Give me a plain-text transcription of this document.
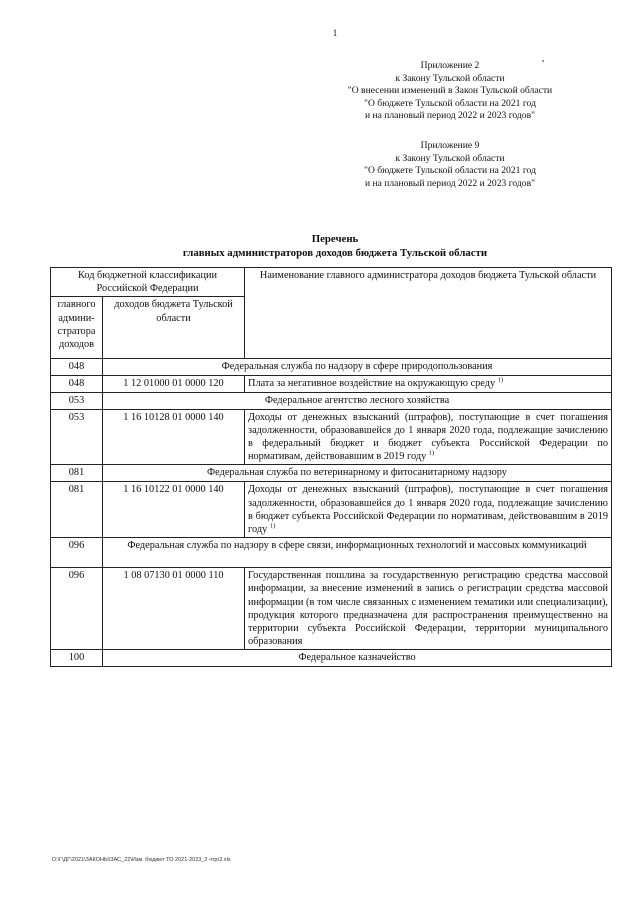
1
Приложение 2
к Закону Тульской области
"О внесении изменений в Закон Тульской области
"О бюджете Тульской области на 2021 год
и на плановый период 2022 и 2023 годов"
Приложение 9
к Закону Тульской области
"О бюджете Тульской области на 2021 год
и на плановый период 2022 и 2023 годов"
Перечень
главных администраторов доходов бюджета Тульской области
Код бюджетной классификации Российской Федерации		Наименование главного администратора доходов бюджета Тульской области
главного админи-стратора доходов	доходов бюджета Тульской области	
048	Федеральная служба по надзору в сфере природопользования	
048	1 12 01000 01 0000 120	Плата за негативное воздействие на окружающую среду $^{1)}$
053	Федеральное агентство лесного хозяйства	
053	1 16 10128 01 0000 140	Доходы от денежных взысканий (штрафов), поступающие в счет погашения задолженности, образовавшейся до 1 января 2020 года, подлежащие зачислению в федеральный бюджет и бюджет субъекта Российской Федерации по нормативам, действовавшим в 2019 году $^{1)}$
081	Федеральная служба по ветеринарному и фитосанитарному надзору	
081	1 16 10122 01 0000 140	Доходы от денежных взысканий (штрафов), поступающие в счет погашения задолженности, образовавшейся до 1 января 2020 года, подлежащие зачислению в бюджет субъекта Российской Федерации по нормативам, действовавшим в 2019 году $^{1)}$
096	Федеральная служба по надзору в сфере связи, информационных технологий и массовых коммуникаций	
096	1 08 07130 01 0000 110	Государственная пошлина за государственную регистрацию средства массовой информации, за внесение изменений в запись о регистрации средства массовой информации (в том числе связанных с изменением тематики или специализации), продукция которого предназначена для распространения преимущественно на территории субъекта Российской Федерации, территории муниципального образования
100	Федеральное казначейство	
D:\Г\ДГ\2021\ЗАКОНЫ\ЗАС_22\Изм. бюджет ТО 2021-2023_2 чтpr2.xls
